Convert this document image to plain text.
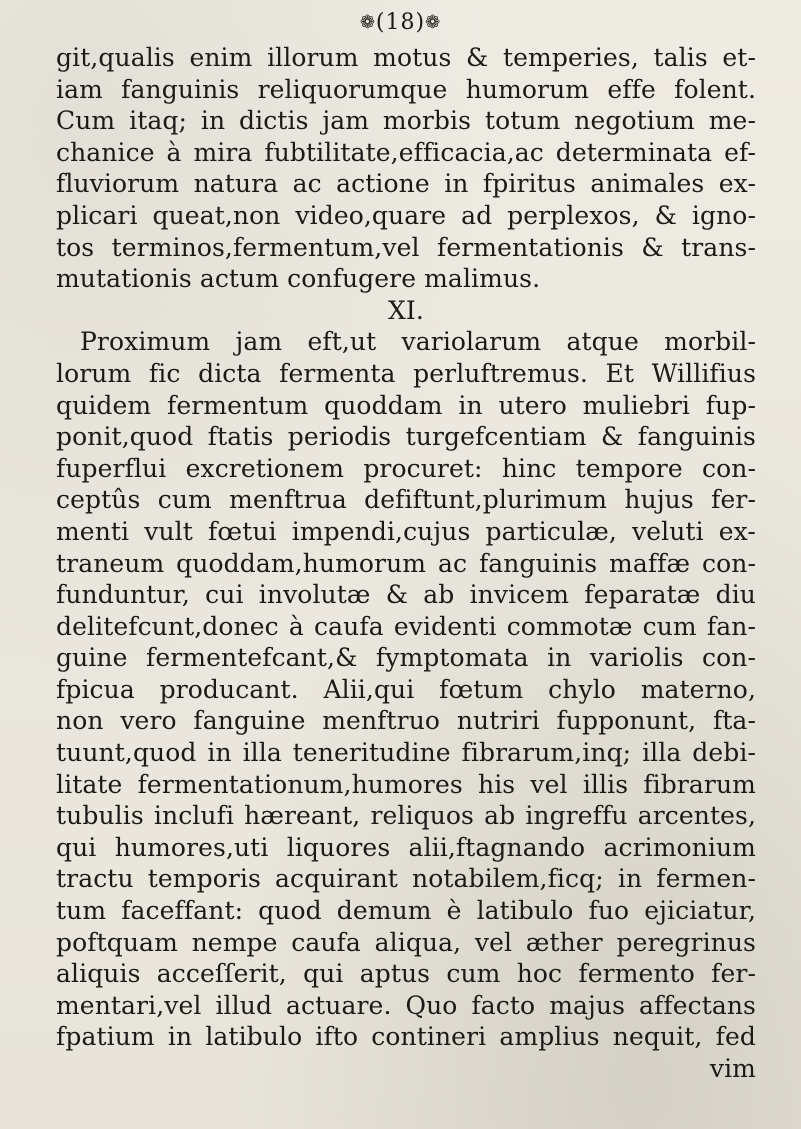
❁(18)❁
git,qualis enim illorum motus & temperies, talis et-
iam fanguinis reliquorumque humorum effe folent.
Cum itaq; in dictis jam morbis totum negotium me-
chanice à mira fubtilitate,efficacia,ac determinata ef-
fluviorum natura ac actione in fpiritus animales ex-
plicari queat,non video,quare ad perplexos, & igno-
tos terminos,fermentum,vel fermentationis & trans-
mutationis actum confugere malimus.
XI.
Proximum jam eft,ut variolarum atque morbil-
lorum fic dicta fermenta perluftremus. Et Willifius
quidem fermentum quoddam in utero muliebri fup-
ponit,quod ftatis periodis turgefcentiam & fanguinis
fuperflui excretionem procuret: hinc tempore con-
ceptûs cum menftrua defiftunt,plurimum hujus fer-
menti vult fœtui impendi,cujus particulæ, veluti ex-
traneum quoddam,humorum ac fanguinis maffæ con-
funduntur, cui involutæ & ab invicem feparatæ diu
delitefcunt,donec à caufa evidenti commotæ cum fan-
guine fermentefcant,& fymptomata in variolis con-
fpicua producant. Alii,qui fœtum chylo materno,
non vero fanguine menftruo nutriri fupponunt, fta-
tuunt,quod in illa teneritudine fibrarum,inq; illa debi-
litate fermentationum,humores his vel illis fibrarum
tubulis inclufi hæreant, reliquos ab ingreffu arcentes,
qui humores,uti liquores alii,ftagnando acrimonium
tractu temporis acquirant notabilem,ficq; in fermen-
tum faceffant: quod demum è latibulo fuo ejiciatur,
poftquam nempe caufa aliqua, vel æther peregrinus
aliquis acceſſerit, qui aptus cum hoc fermento fer-
mentari,vel illud actuare. Quo facto majus affectans
fpatium in latibulo ifto contineri amplius nequit, fed
vim
